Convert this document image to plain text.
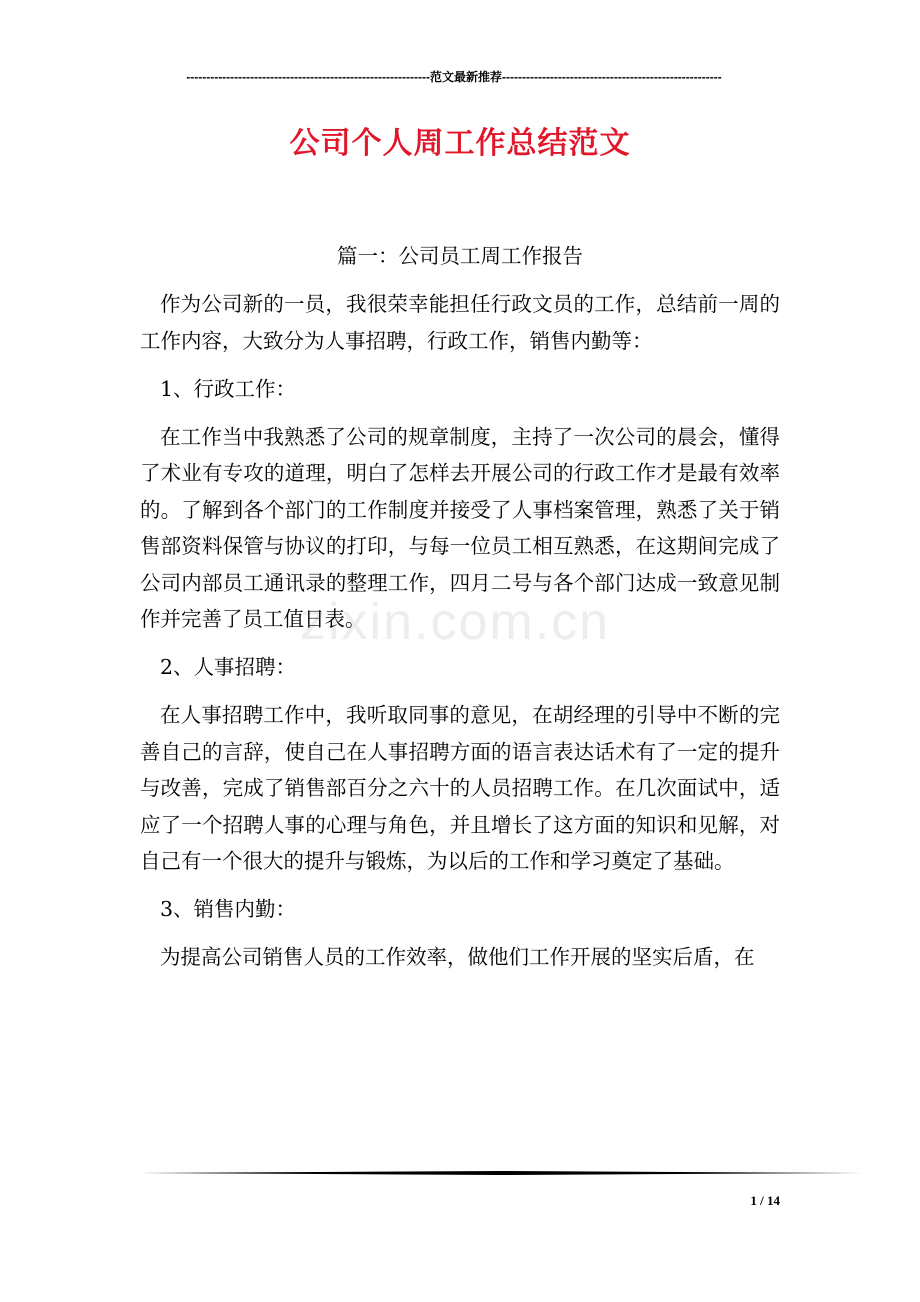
-------------------------------------------------------------范文最新推荐-------------------------------------------------------
公司个人周工作总结范文
zixin.com.cn

篇一：公司员工周工作报告

作为公司新的一员，我很荣幸能担任行政文员的工作，总结前一周的工作内容，大致分为人事招聘，行政工作，销售内勤等：

1、行政工作：

在工作当中我熟悉了公司的规章制度，主持了一次公司的晨会，懂得了术业有专攻的道理，明白了怎样去开展公司的行政工作才是最有效率的。了解到各个部门的工作制度并接受了人事档案管理，熟悉了关于销售部资料保管与协议的打印，与每一位员工相互熟悉，在这期间完成了公司内部员工通讯录的整理工作，四月二号与各个部门达成一致意见制作并完善了员工值日表。

2、人事招聘：

在人事招聘工作中，我听取同事的意见，在胡经理的引导中不断的完善自己的言辞，使自己在人事招聘方面的语言表达话术有了一定的提升与改善，完成了销售部百分之六十的人员招聘工作。在几次面试中，适应了一个招聘人事的心理与角色，并且增长了这方面的知识和见解，对自己有一个很大的提升与锻炼，为以后的工作和学习奠定了基础。

3、销售内勤：

为提高公司销售人员的工作效率，做他们工作开展的坚实后盾，在

1 / 14
